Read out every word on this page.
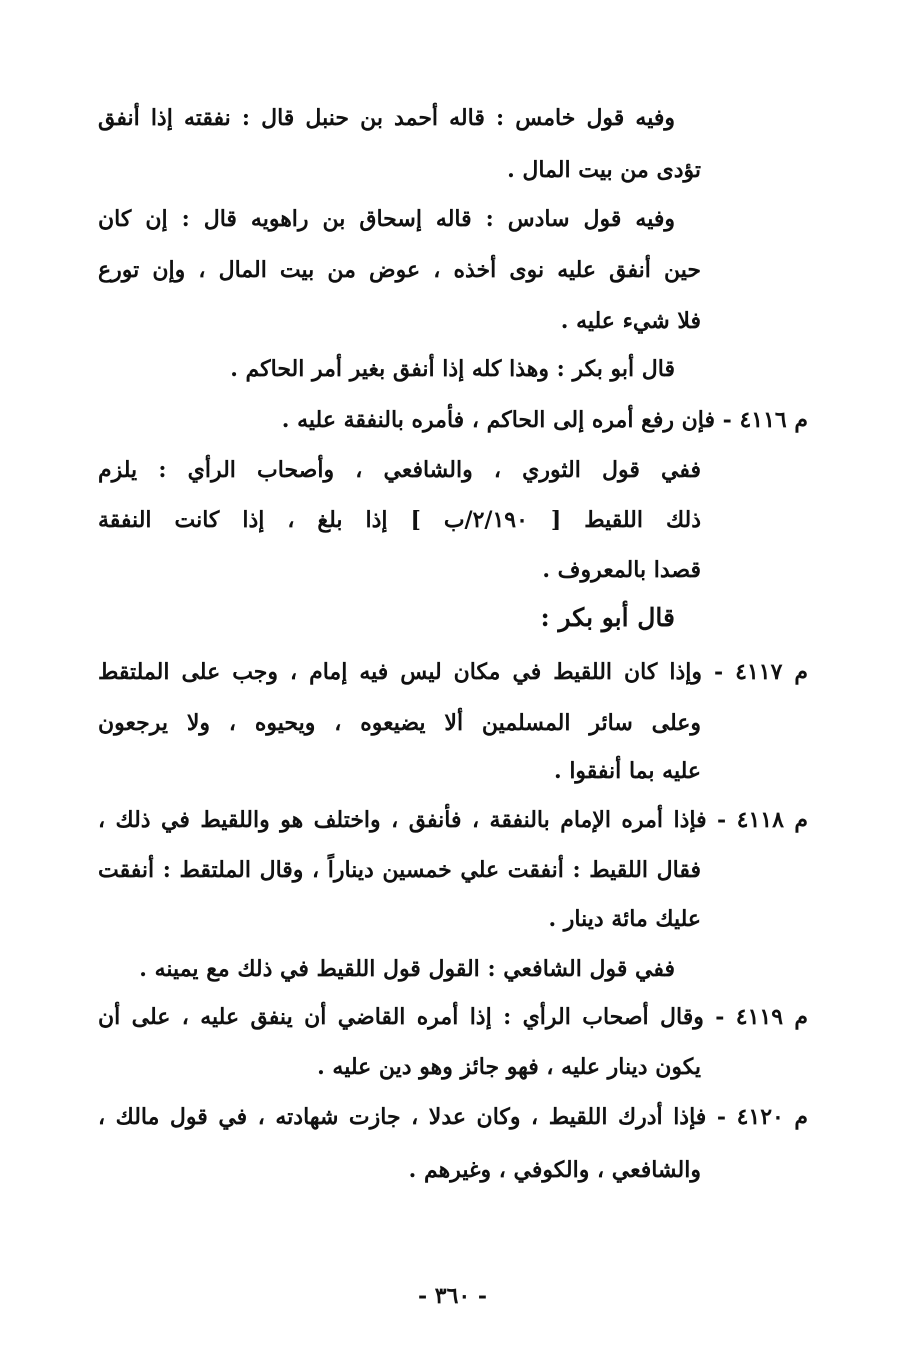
وفيه قول خامس : قاله أحمد بن حنبل قال : نفقته إذا أنفق
تؤدى من بيت المال .
وفيه قول سادس : قاله إسحاق بن راهويه قال : إن كان
حين أنفق عليه نوى أخذه ، عوض من بيت المال ، وإن تورع
فلا شيء عليه .
قال أبو بكر : وهذا كله إذا أنفق بغير أمر الحاكم .
م ٤١١٦ - فإن رفع أمره إلى الحاكم ، فأمره بالنفقة عليه .
ففي قول الثوري ، والشافعي ، وأصحاب الرأي : يلزم
ذلك اللقيط [ ٢/١٩٠/ب ] إذا بلغ ، إذا كانت النفقة
قصدا بالمعروف .
قال أبو بكر :
م ٤١١٧ - وإذا كان اللقيط في مكان ليس فيه إمام ، وجب على الملتقط
وعلى سائر المسلمين ألا يضيعوه ، ويحيوه ، ولا يرجعون
عليه بما أنفقوا .
م ٤١١٨ - فإذا أمره الإمام بالنفقة ، فأنفق ، واختلف هو واللقيط في ذلك ،
فقال اللقيط : أنفقت علي خمسين ديناراً ، وقال الملتقط : أنفقت
عليك مائة دينار .
ففي قول الشافعي : القول قول اللقيط في ذلك مع يمينه .
م ٤١١٩ - وقال أصحاب الرأي : إذا أمره القاضي أن ينفق عليه ، على أن
يكون دينار عليه ، فهو جائز وهو دين عليه .
م ٤١٢٠ - فإذا أدرك اللقيط ، وكان عدلا ، جازت شهادته ، في قول مالك ،
والشافعي ، والكوفي ، وغيرهم .
- ٣٦٠ -
